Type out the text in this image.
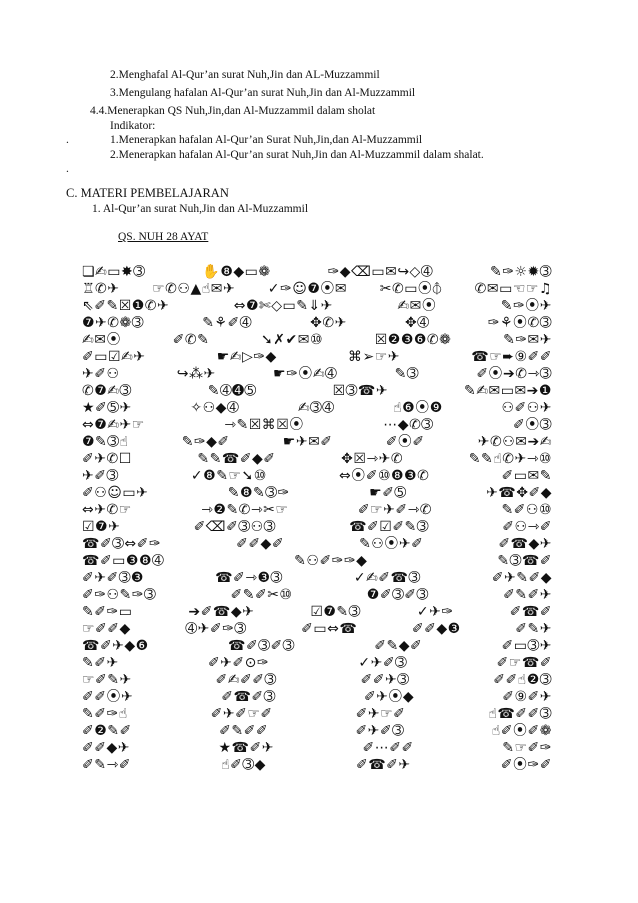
2.Menghafal Al-Qur’an surat Nuh,Jin dan AL-Muzzammil
3.Mengulang hafalan Al-Qur’an surat Nuh,Jin dan Al-Muzzammil
4.4.Menerapkan QS Nuh,Jin,dan Al-Muzzammil dalam sholat
Indikator:
.	1.Menerapkan hafalan Al-Qur’an Surat Nuh,Jin,dan Al-Muzzammil
2.Menerapkan hafalan Al-Qur’an surat Nuh,Jin dan Al-Muzzammil dalam shalat.
.
C. MATERI PEMBELAJARAN
1. Al-Qur’an surat Nuh,Jin dan Al-Muzzammil
QS. NUH 28 AYAT
❏✍▭✸➂	✋❽◆▭❁	✑◆⌫▭✉↪◇➃	✎✑☼✹➂
♖✆✈ ☞✆⚇▲☝✉✈ ✓✑☺❼⦿✉ ✂✆▭⦿⦽ ✆✉▭☜☞♫
⇖✐✎☒❶✆✈	⇔❼✄◇▭✎⇓✈	✍✉⦿	✎✑⦿✈
❼✈✆❁➂	✎⚘✐➃	✥✆✈	✥➃	✑⚘⦿✆➂
✍✉⦿	✐✆✎	➘✗✔✉⑩	☒❷❸❻✆❁	✎✑✉✈
✐▭☑✍✈	☛✍▷✑◆	⌘➢☞✈	☎☞➨⑨✐✐
✈✐⚇	↪⁂✈	☛✑⦿✍➃	✎➂	✐⦿➔✆⇾➂
✆❼✍➂	✎➃➍➄	☒➂☎✈	✎✍✉▭✉➔❶
★✐➄✈	✧⚇◆➃	✍➂➃	☝❻⦿❾	⚇✐⚇✈
⇔❼✍✈☞	⇾✎☒⌘☒⦿	⋯◆✆➂	✐⦿➂
❼✎➂☝	✎✑◆✐	☛✈✉✐	✐⦿✐	✈✆⚇✉➔✍
✐✈✆☐	✎✎☎✐◆✐	✥☒⇾✈✆	✎✎☝✆✈⇾⑩
✈✐➂	✓❽✎☞➘⑩	⇔⦿✐⑩❽❸✆	✐▭✉✎
✐⚇☺▭✈	✎❽✎➂✑	☛✐➄	✈☎✥✐◆
⇔✈✆☞	⇾❷✎✆⇾✂☞	✐☞✈✐⇾✆	✎✐⚇⑩
☑❼✈	✐⌫✐➂⚇➂	☎✐☑✐✎➂	✐⚇⇾✐
☎✐➂⇔✐✑	✐✐◆✐	✎⚇⦿✈✐	✐☎◆✈
☎✐▭❸❽➃	✎⚇✐✑✑◆	✎➂☎✐
✐✈✐➂❸	☎✐⇾❸➂	✓✍✐☎➂	✐✈✎✐◆
✐✑⚇✎✑➂	✐✎✐✂⑩	❼✐➂✐➂	✐✎✐✈
✎✐✑▭	➔✐☎◆✈	☑❼✎➂	✓✈✑	✐☎✐
☞✐✐◆	➃✈✐✑➂	✐▭⇔☎	✐✐◆❸	✐✎✈
☎✐✈◆❻	☎✐➂✐➂	✐✎◆✐	✐▭➂✈
✎✐✈	✐✈✐⊙✑	✓✈✐➂	✐☞☎✐
☞✐✎✈	✐✍✐✐➂	✐✐✈➂	✐✐☝❷➂
✐✐⦿✈	✐☎✐➂	✐✈⦿◆	✐⑨✐✈
✎✐✑☝	✐✈✐☞✐	✐✈☞✐	☝☎✐✐➂
✐❷✎✐	✐✎✐✐	✐✈✐➂	☝✐⦿✐❁
✐✐◆✈	★☎✐✈	✐⋯✐✐	✎☞✐✑
✐✎⇾✐	☝✐➂◆	✐☎✐✈	✐⦿✑✐
